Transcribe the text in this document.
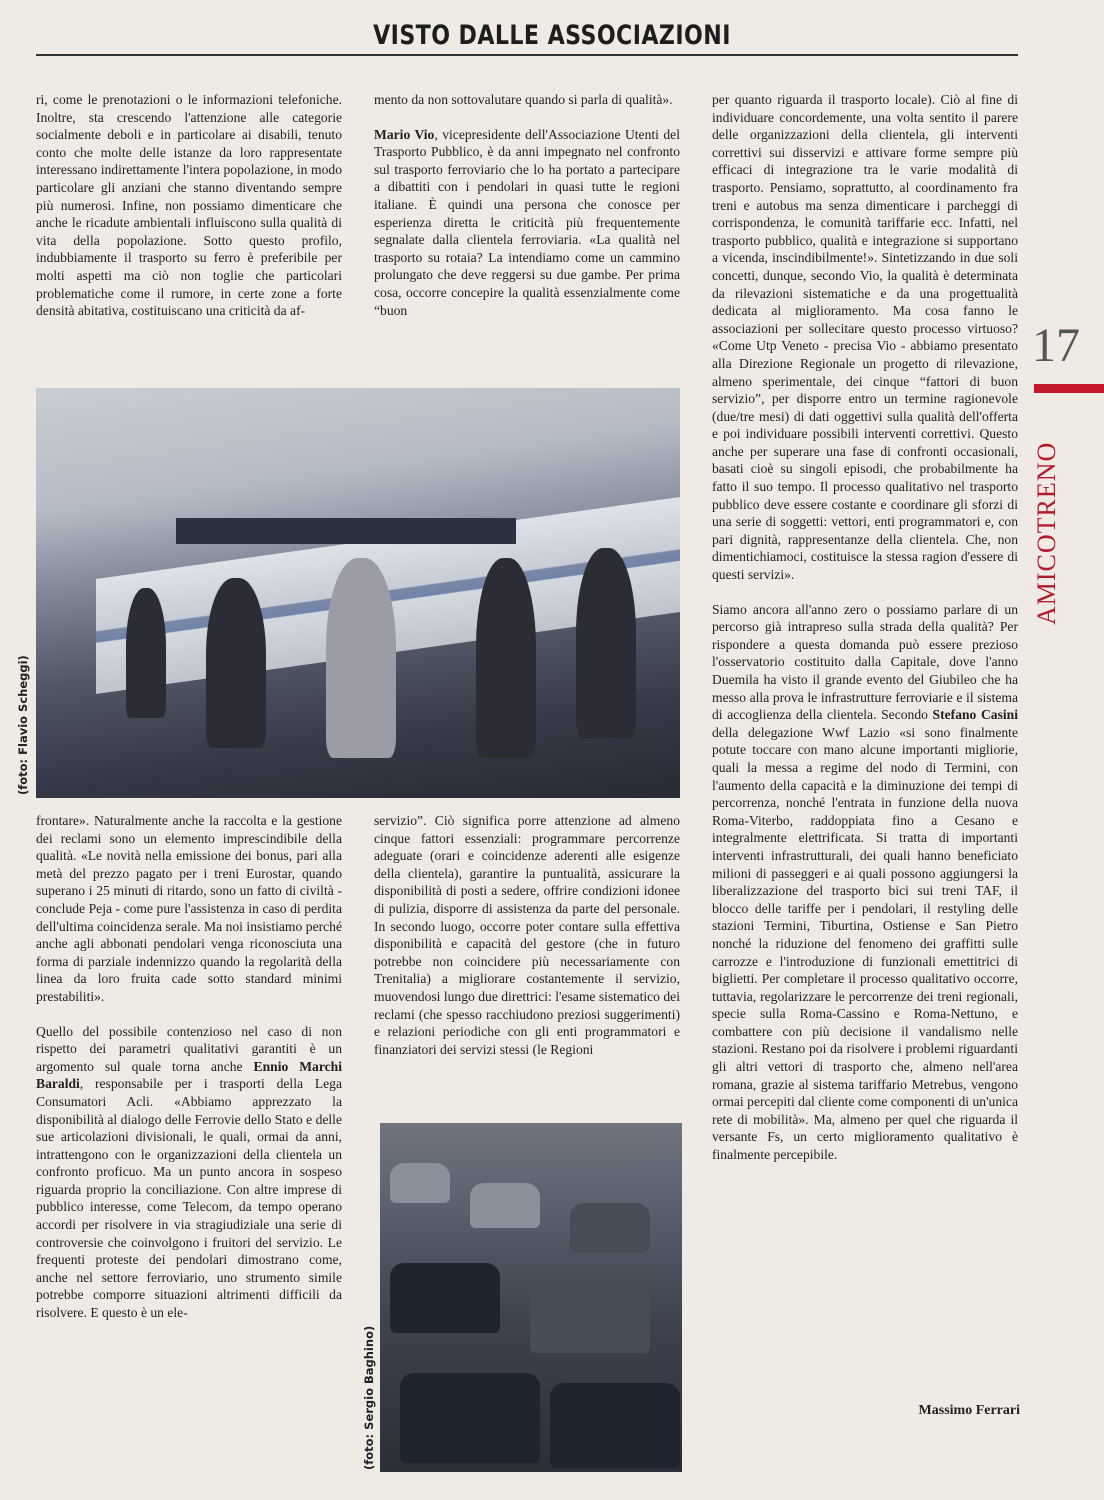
VISTO DALLE ASSOCIAZIONI

ri, come le prenotazioni o le informazioni telefoniche. Inoltre, sta crescendo l'attenzione alle categorie socialmente deboli e in particolare ai disabili, tenuto conto che molte delle istanze da loro rappresentate interessano indirettamente l'intera popolazione, in modo particolare gli anziani che stanno diventando sempre più numerosi. Infine, non possiamo dimenticare che anche le ricadute ambientali influiscono sulla qualità di vita della popolazione. Sotto questo profilo, indubbiamente il trasporto su ferro è preferibile per molti aspetti ma ciò non toglie che particolari problematiche come il rumore, in certe zone a forte densità abitativa, costituiscano una criticità da af-

mento da non sottovalutare quando si parla di qualità».

Mario Vio, vicepresidente dell'Associazione Utenti del Trasporto Pubblico, è da anni impegnato nel confronto sul trasporto ferroviario che lo ha portato a partecipare a dibattiti con i pendolari in quasi tutte le regioni italiane. È quindi una persona che conosce per esperienza diretta le criticità più frequentemente segnalate dalla clientela ferroviaria. «La qualità nel trasporto su rotaia? La intendiamo come un cammino prolungato che deve reggersi su due gambe. Per prima cosa, occorre concepire la qualità essenzialmente come “buon

per quanto riguarda il trasporto locale). Ciò al fine di individuare concordemente, una volta sentito il parere delle organizzazioni della clientela, gli interventi correttivi sui disservizi e attivare forme sempre più efficaci di integrazione tra le varie modalità di trasporto. Pensiamo, soprattutto, al coordinamento fra treni e autobus ma senza dimenticare i parcheggi di corrispondenza, le comunità tariffarie ecc. Infatti, nel trasporto pubblico, qualità e integrazione si supportano a vicenda, inscindibilmente!». Sintetizzando in due soli concetti, dunque, secondo Vio, la qualità è determinata da rilevazioni sistematiche e da una progettualità dedicata al miglioramento. Ma cosa fanno le associazioni per sollecitare questo processo virtuoso? «Come Utp Veneto - precisa Vio - abbiamo presentato alla Direzione Regionale un progetto di rilevazione, almeno sperimentale, dei cinque “fattori di buon servizio”, per disporre entro un termine ragionevole (due/tre mesi) di dati oggettivi sulla qualità dell'offerta e poi individuare possibili interventi correttivi. Questo anche per superare una fase di confronti occasionali, basati cioè su singoli episodi, che probabilmente ha fatto il suo tempo. Il processo qualitativo nel trasporto pubblico deve essere costante e coordinare gli sforzi di una serie di soggetti: vettori, enti programmatori e, con pari dignità, rappresentanze della clientela. Che, non dimentichiamoci, costituisce la stessa ragion d'essere di questi servizi».

Siamo ancora all'anno zero o possiamo parlare di un percorso già intrapreso sulla strada della qualità? Per rispondere a questa domanda può essere prezioso l'osservatorio costituito dalla Capitale, dove l'anno Duemila ha visto il grande evento del Giubileo che ha messo alla prova le infrastrutture ferroviarie e il sistema di accoglienza della clientela. Secondo Stefano Casini della delegazione Wwf Lazio «si sono finalmente potute toccare con mano alcune importanti migliorie, quali la messa a regime del nodo di Termini, con l'aumento della capacità e la diminuzione dei tempi di percorrenza, nonché l'entrata in funzione della nuova Roma-Viterbo, raddoppiata fino a Cesano e integralmente elettrificata. Si tratta di importanti interventi infrastrutturali, dei quali hanno beneficiato milioni di passeggeri e ai quali possono aggiungersi la liberalizzazione del trasporto bici sui treni TAF, il blocco delle tariffe per i pendolari, il restyling delle stazioni Termini, Tiburtina, Ostiense e San Pietro nonché la riduzione del fenomeno dei graffitti sulle carrozze e l'introduzione di funzionali emettitrici di biglietti. Per completare il processo qualitativo occorre, tuttavia, regolarizzare le percorrenze dei treni regionali, specie sulla Roma-Cassino e Roma-Nettuno, e combattere con più decisione il vandalismo nelle stazioni. Restano poi da risolvere i problemi riguardanti gli altri vettori di trasporto che, almeno nell'area romana, grazie al sistema tariffario Metrebus, vengono ormai percepiti dal cliente come componenti di un'unica rete di mobilità». Ma, almeno per quel che riguarda il versante Fs, un certo miglioramento qualitativo è finalmente percepibile.

(foto: Flavio Scheggi)

frontare». Naturalmente anche la raccolta e la gestione dei reclami sono un elemento imprescindibile della qualità. «Le novità nella emissione dei bonus, pari alla metà del prezzo pagato per i treni Eurostar, quando superano i 25 minuti di ritardo, sono un fatto di civiltà - conclude Peja - come pure l'assistenza in caso di perdita dell'ultima coincidenza serale. Ma noi insistiamo perché anche agli abbonati pendolari venga riconosciuta una forma di parziale indennizzo quando la regolarità della linea da loro fruita cade sotto standard minimi prestabiliti».

Quello del possibile contenzioso nel caso di non rispetto dei parametri qualitativi garantiti è un argomento sul quale torna anche Ennio Marchi Baraldi, responsabile per i trasporti della Lega Consumatori Acli. «Abbiamo apprezzato la disponibilità al dialogo delle Ferrovie dello Stato e delle sue articolazioni divisionali, le quali, ormai da anni, intrattengono con le organizzazioni della clientela un confronto proficuo. Ma un punto ancora in sospeso riguarda proprio la conciliazione. Con altre imprese di pubblico interesse, come Telecom, da tempo operano accordi per risolvere in via stragiudiziale una serie di controversie che coinvolgono i fruitori del servizio. Le frequenti proteste dei pendolari dimostrano come, anche nel settore ferroviario, uno strumento simile potrebbe comporre situazioni altrimenti difficili da risolvere. E questo è un ele-

servizio”. Ciò significa porre attenzione ad almeno cinque fattori essenziali: programmare percorrenze adeguate (orari e coincidenze aderenti alle esigenze della clientela), garantire la puntualità, assicurare la disponibilità di posti a sedere, offrire condizioni idonee di pulizia, disporre di assistenza da parte del personale. In secondo luogo, occorre poter contare sulla effettiva disponibilità e capacità del gestore (che in futuro potrebbe non coincidere più necessariamente con Trenitalia) a migliorare costantemente il servizio, muovendosi lungo due direttrici: l'esame sistematico dei reclami (che spesso racchiudono preziosi suggerimenti) e relazioni periodiche con gli enti programmatori e finanziatori dei servizi stessi (le Regioni

(foto: Sergio Baghino)
17
AMICOTRENO
Massimo Ferrari
